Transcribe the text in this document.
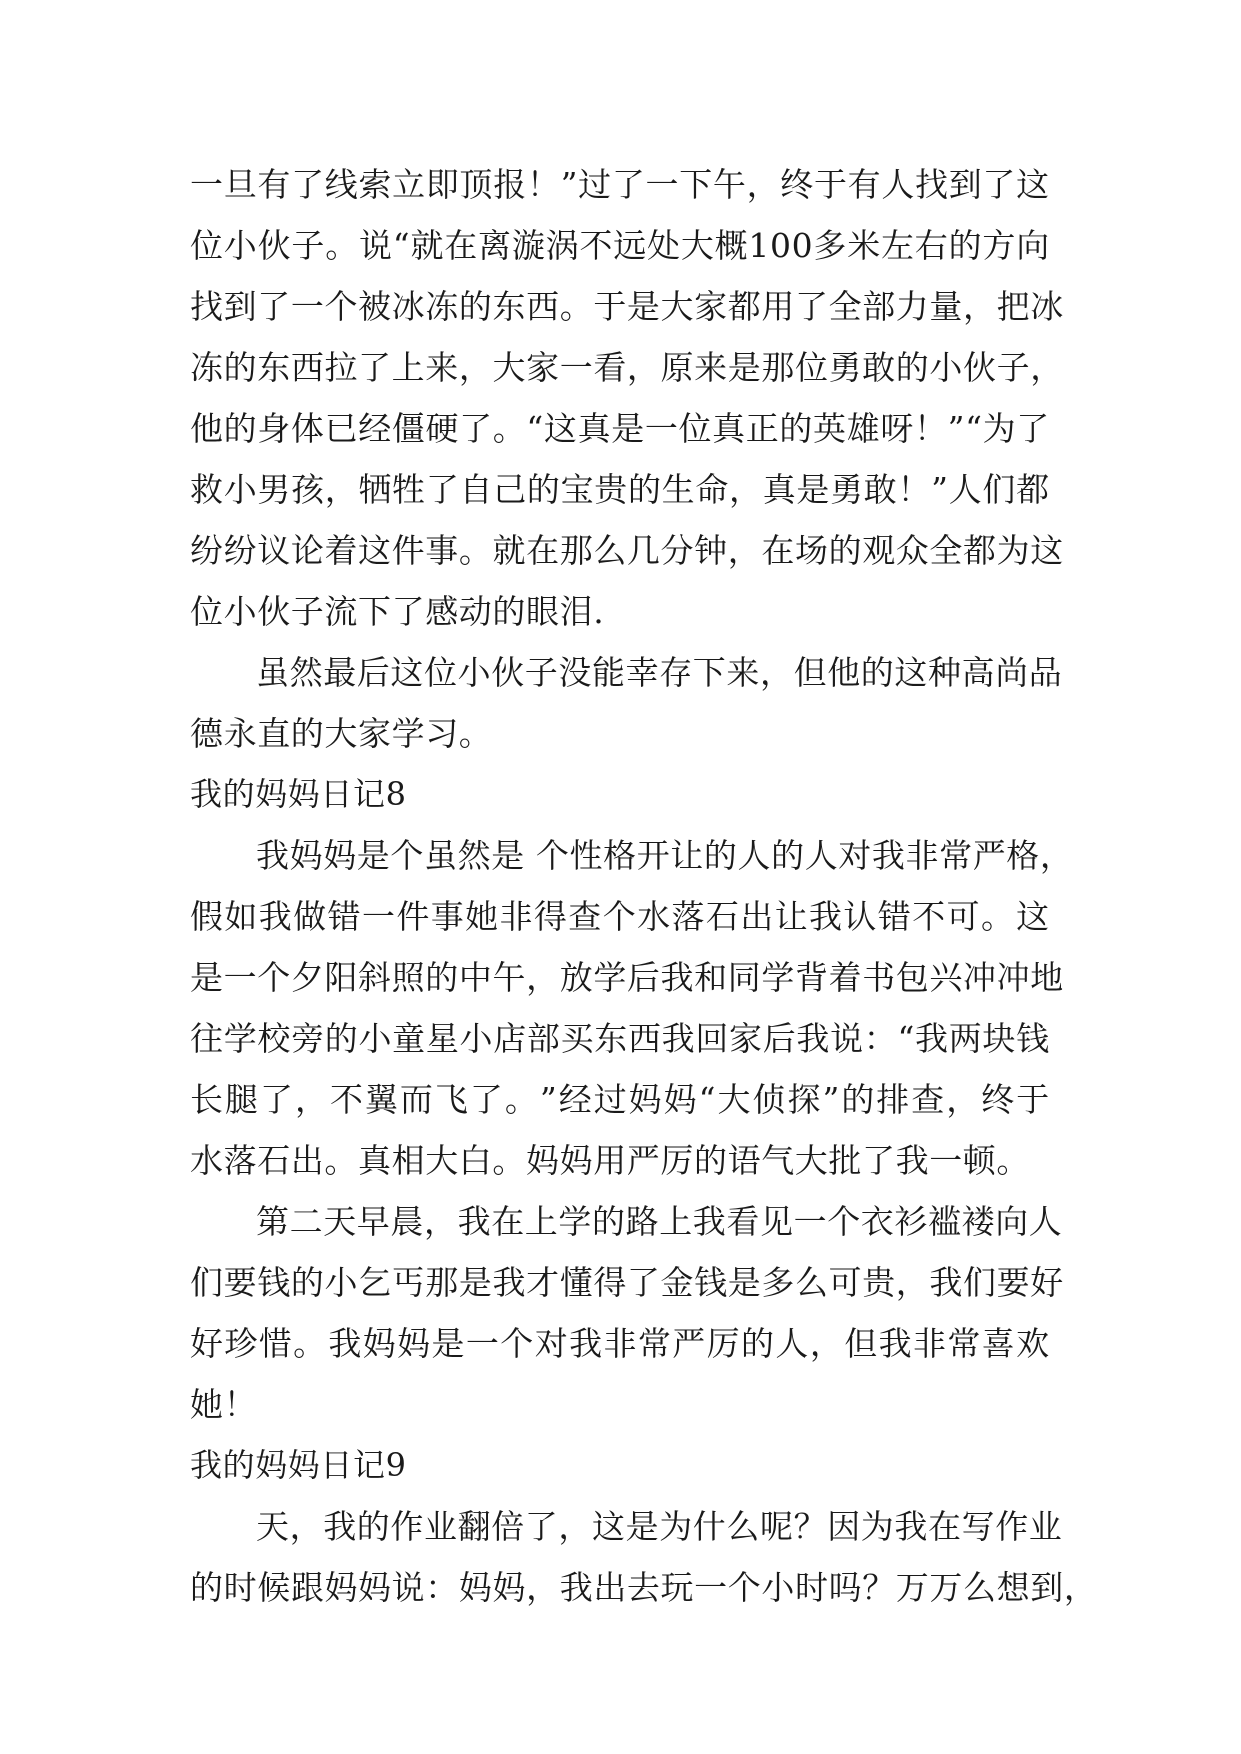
一 旦 有 了 线 索 立 即 顶 报 ！ ” 过 了 一 下 午 ， 终 于 有 人 找 到 了 这
位 小 伙 子 。 说 “ 就 在 离 漩 涡 不 远 处 大 概 100 多 米 左 右 的 方 向
找 到 了 一 个 被 冰 冻 的 东 西 。 于 是 大 家 都 用 了 全 部 力 量 ， 把 冰
冻 的 东 西 拉 了 上 来 ， 大 家 一 看 ， 原 来 是 那 位 勇 敢 的 小 伙 子 ，
他 的 身 体 已 经 僵 硬 了 。 “ 这 真 是 一 位 真 正 的 英 雄 呀 ！ ” “ 为 了
救 小 男 孩 ， 牺 牲 了 自 己 的 宝 贵 的 生 命 ， 真 是 勇 敢 ！ ” 人 们 都
纷 纷 议 论 着 这 件 事 。 就 在 那 么 几 分 钟 ， 在 场 的 观 众 全 都 为 这
位小伙子流下了感动的眼泪.
虽然最后这位小伙子没能幸存下来，但他的这种高尚品
德永直的大家学习。
我的妈妈日记8
我妈妈是个虽然是 个性格开让的人的人对我非常严格，
假 如 我 做 错 一 件 事 她 非 得 查 个 水 落 石 出 让 我 认 错 不 可 。 这
是 一 个 夕 阳 斜 照 的 中 午 ， 放 学 后 我 和 同 学 背 着 书 包 兴 冲 冲 地
往 学 校 旁 的 小 童 星 小 店 部 买 东 西 我 回 家 后 我 说 ： “ 我 两 块 钱
长 腿 了 ， 不 翼 而 飞 了 。 ” 经 过 妈 妈 “ 大 侦 探 ” 的 排 查 ， 终 于
水落石出。真相大白。妈妈用严厉的语气大批了我一顿。
第二天早晨，我在上学的路上我看见一个衣衫褴褛向人
们 要 钱 的 小 乞 丐 那 是 我 才 懂 得 了 金 钱 是 多 么 可 贵 ， 我 们 要 好
好 珍 惜 。 我 妈 妈 是 一 个 对 我 非 常 严 厉 的 人 ， 但 我 非 常 喜 欢
她！
我的妈妈日记9
天，我的作业翻倍了，这是为什么呢？因为我在写作业
的 时 候 跟 妈 妈 说 ： 妈 妈 ， 我 出 去 玩 一 个 小 时 吗 ？ 万 万 么 想 到 ，
